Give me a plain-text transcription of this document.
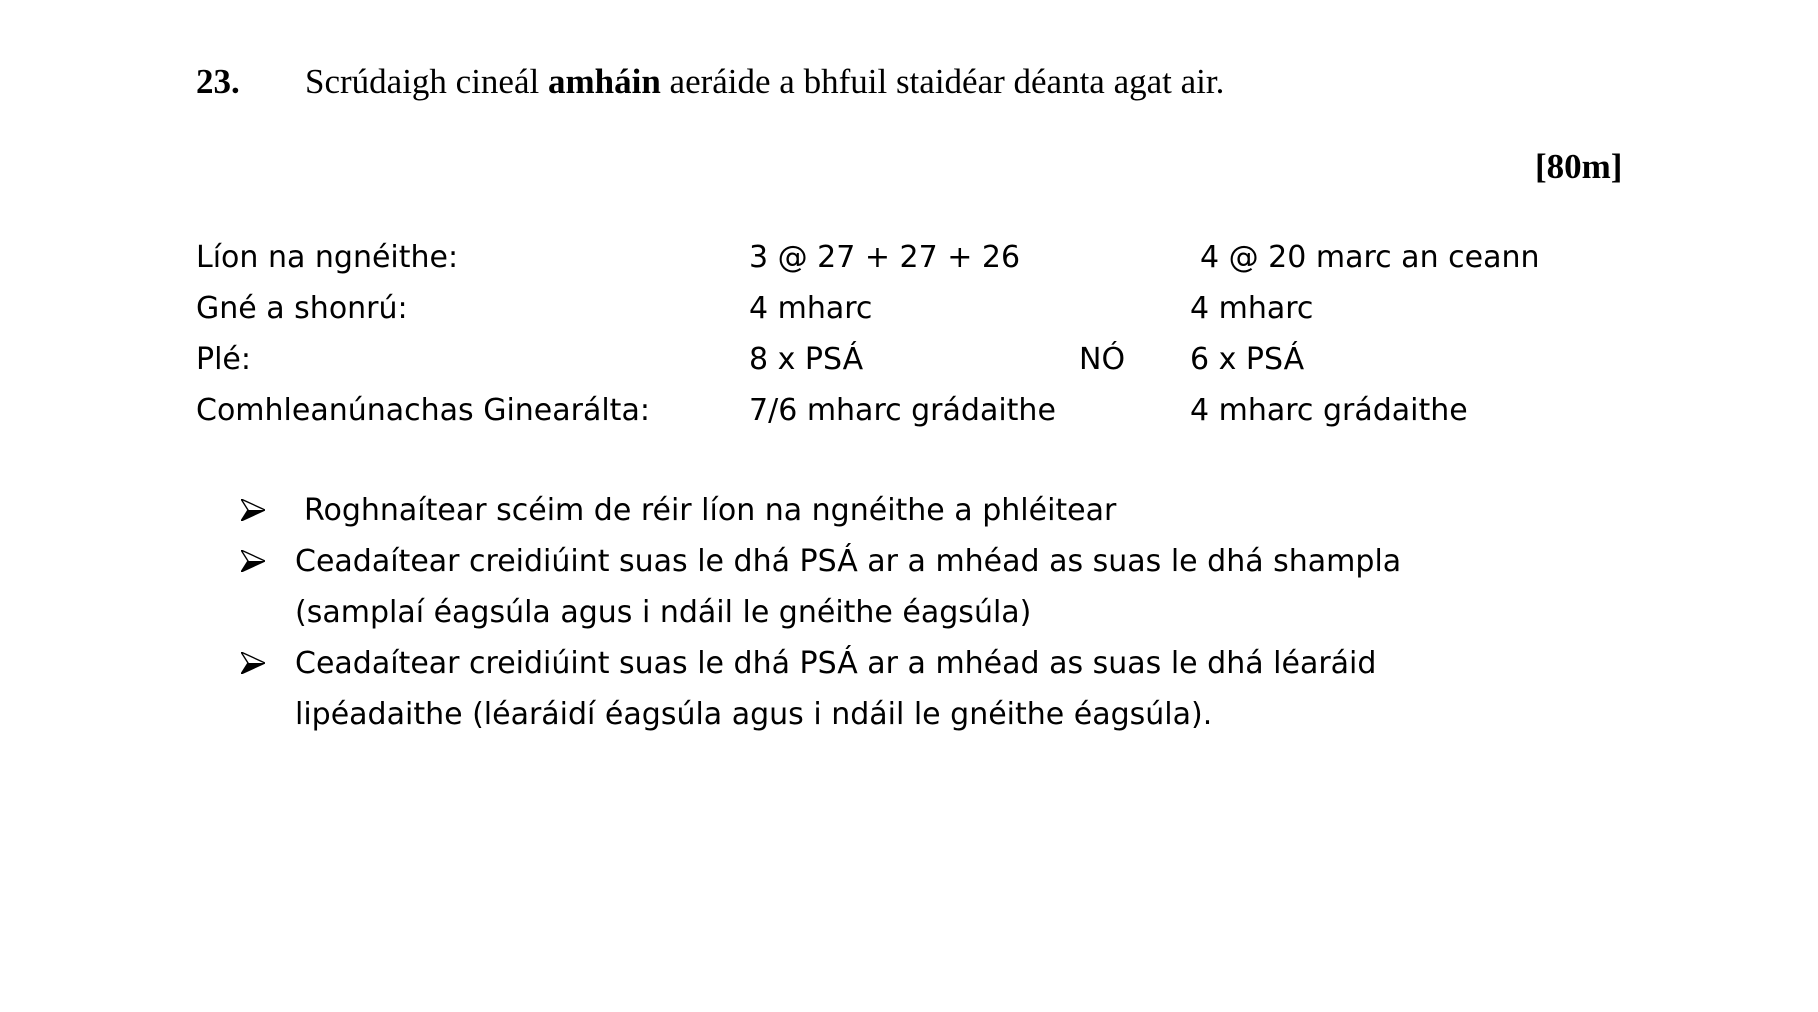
23. Scrúdaigh cineál amháin aeráide a bhfuil staidéar déanta agat air.
[80m]
Líon na ngnéithe:	3 @ 27 + 27 + 26	4 @ 20 marc an ceann
Gné a shonrú:	4 mharc	4 mharc
Plé:	8 x PSÁ	NÓ 6 x PSÁ
Comhleanúnachas Ginearálta:	7/6 mharc grádaithe	4 mharc grádaithe
Roghnaítear scéim de réir líon na ngnéithe a phléitear
Ceadaítear creidiúint suas le dhá PSÁ ar a mhéad as suas le dhá shampla
(samplaí éagsúla agus i ndáil le gnéithe éagsúla)
Ceadaítear creidiúint suas le dhá PSÁ ar a mhéad as suas le dhá léaráid
lipéadaithe (léaráidí éagsúla agus i ndáil le gnéithe éagsúla).
